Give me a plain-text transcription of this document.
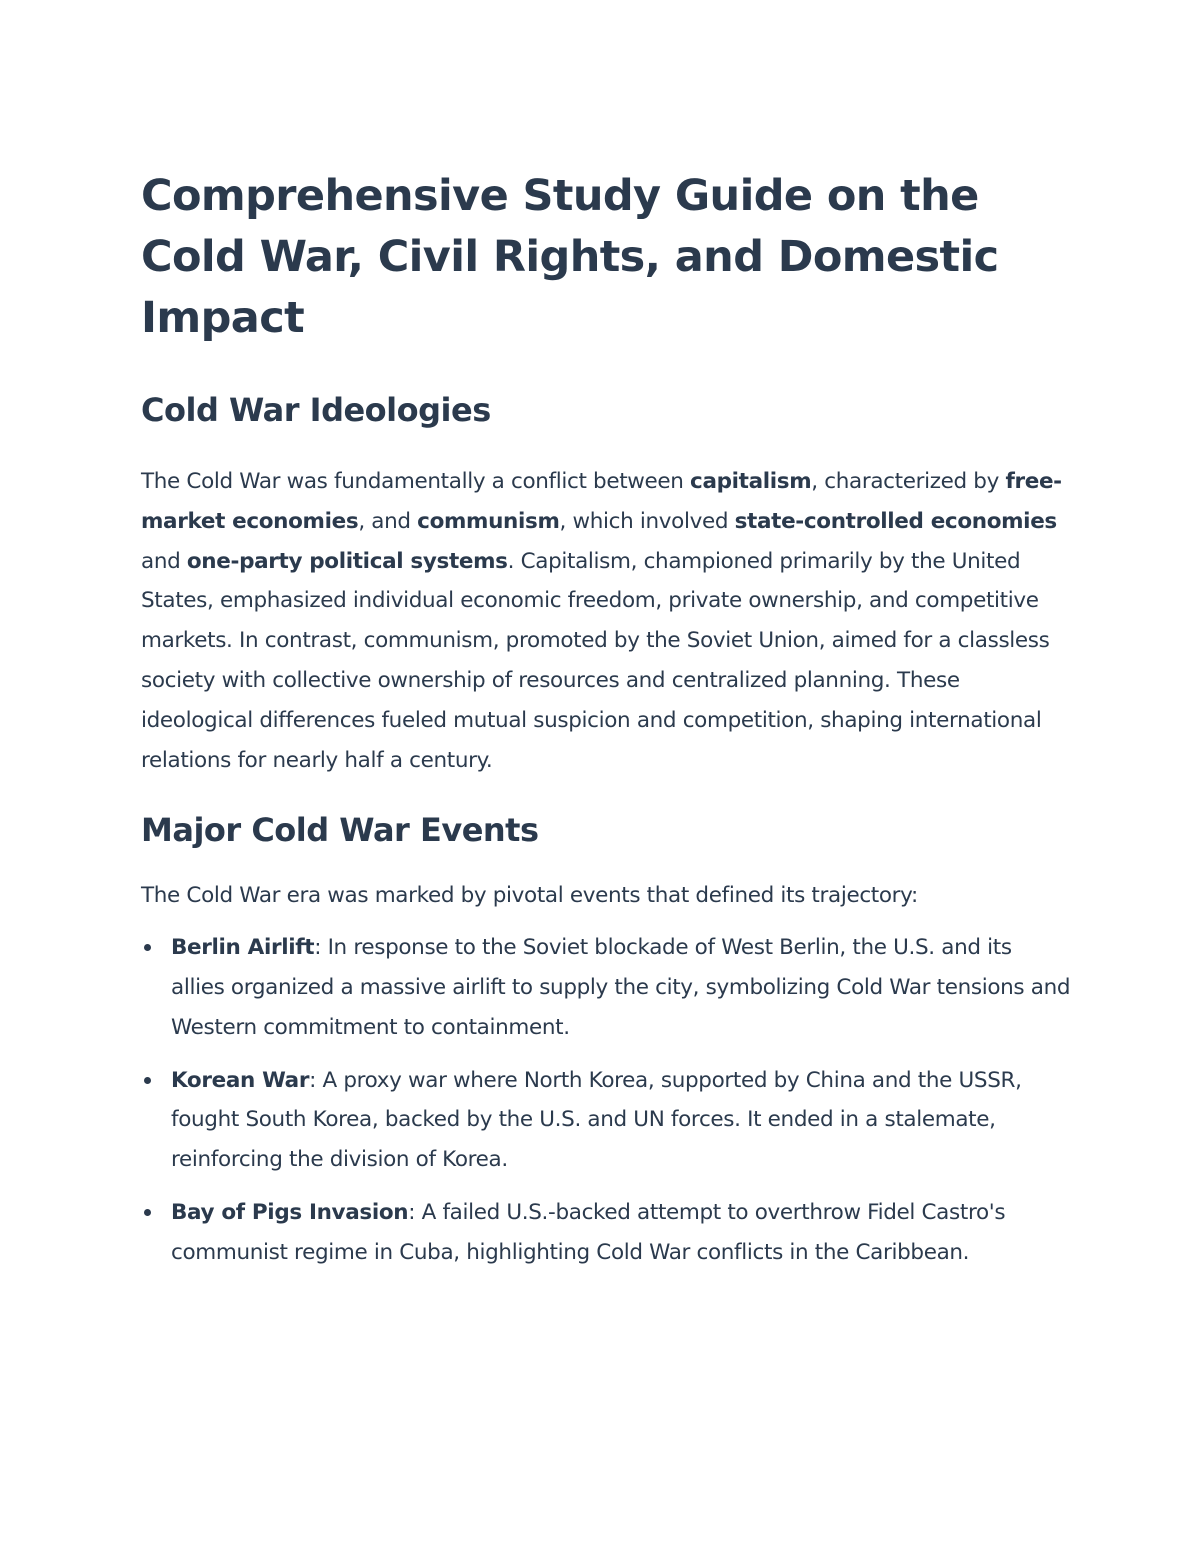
Comprehensive Study Guide on the Cold War, Civil Rights, and Domestic Impact
Cold War Ideologies

The Cold War was fundamentally a conflict between capitalism, characterized by free-market economies, and communism, which involved state-controlled economies and one-party political systems. Capitalism, championed primarily by the United States, emphasized individual economic freedom, private ownership, and competitive markets. In contrast, communism, promoted by the Soviet Union, aimed for a classless society with collective ownership of resources and centralized planning. These ideological differences fueled mutual suspicion and competition, shaping international relations for nearly half a century.

Major Cold War Events

The Cold War era was marked by pivotal events that defined its trajectory:

Berlin Airlift: In response to the Soviet blockade of West Berlin, the U.S. and its allies organized a massive airlift to supply the city, symbolizing Cold War tensions and Western commitment to containment.
Korean War: A proxy war where North Korea, supported by China and the USSR, fought South Korea, backed by the U.S. and UN forces. It ended in a stalemate, reinforcing the division of Korea.
Bay of Pigs Invasion: A failed U.S.-backed attempt to overthrow Fidel Castro's communist regime in Cuba, highlighting Cold War conflicts in the Caribbean.
